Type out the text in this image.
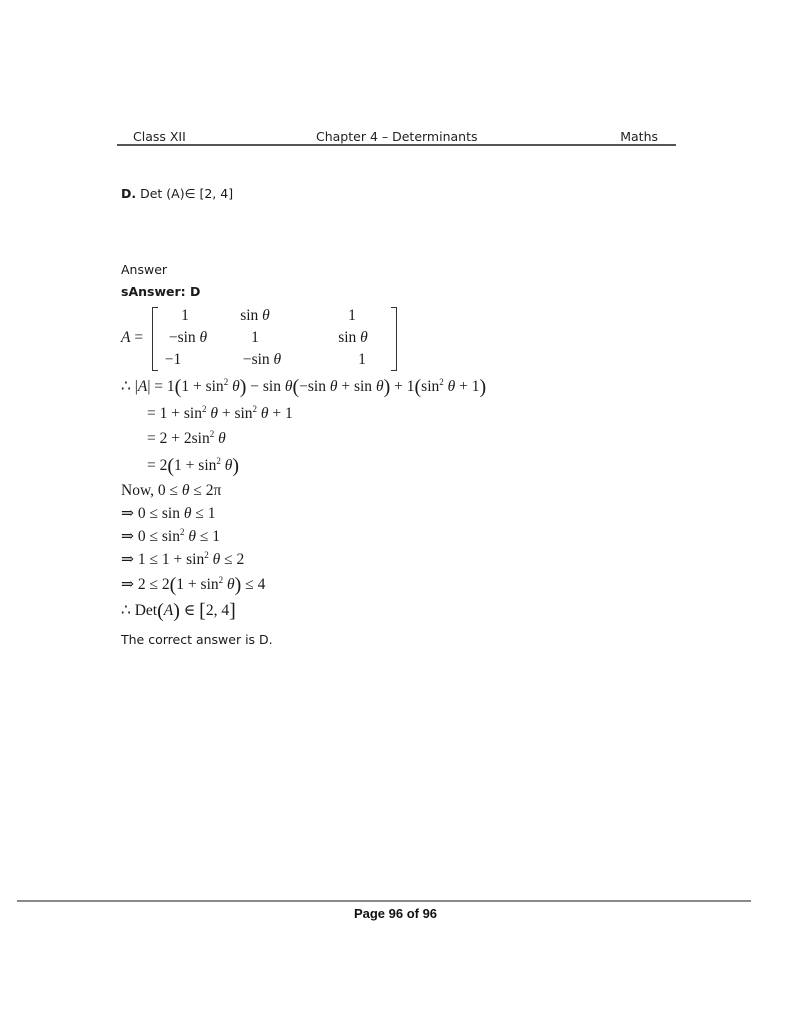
Class XII	Chapter 4 – Determinants	Maths
D. Det (A)∈ [2, 4]
Answer
sAnswer: D
A =
1	sin θ	1
−sin θ	1	sin θ
−1	−sin θ	1
∴ $|A| = 1(1 + \sin^2 \theta) - \sin \theta(-\sin$ $\theta + \sin \theta) + 1(\sin^2$ θ + 1)
= $1 + \sin^2 \theta + \sin^2 \theta + 1$
= $2 + 2\sin^2$ θ
= $2(1 + \sin^2 \theta)$
Now, 0 ≤ θ ≤ 2π
⇒ 0 ≤ sin θ ≤ 1
⇒ $0 \le \sin^2 \theta \le 1$
⇒ $1 \le 1 + \sin^2 \theta \le 2$
⇒ $2 \le 2(1 + \sin^2 \theta) \le 4$
∴ Det(A) ∈ [2, 4]
The correct answer is D.
Page 96 of 96
